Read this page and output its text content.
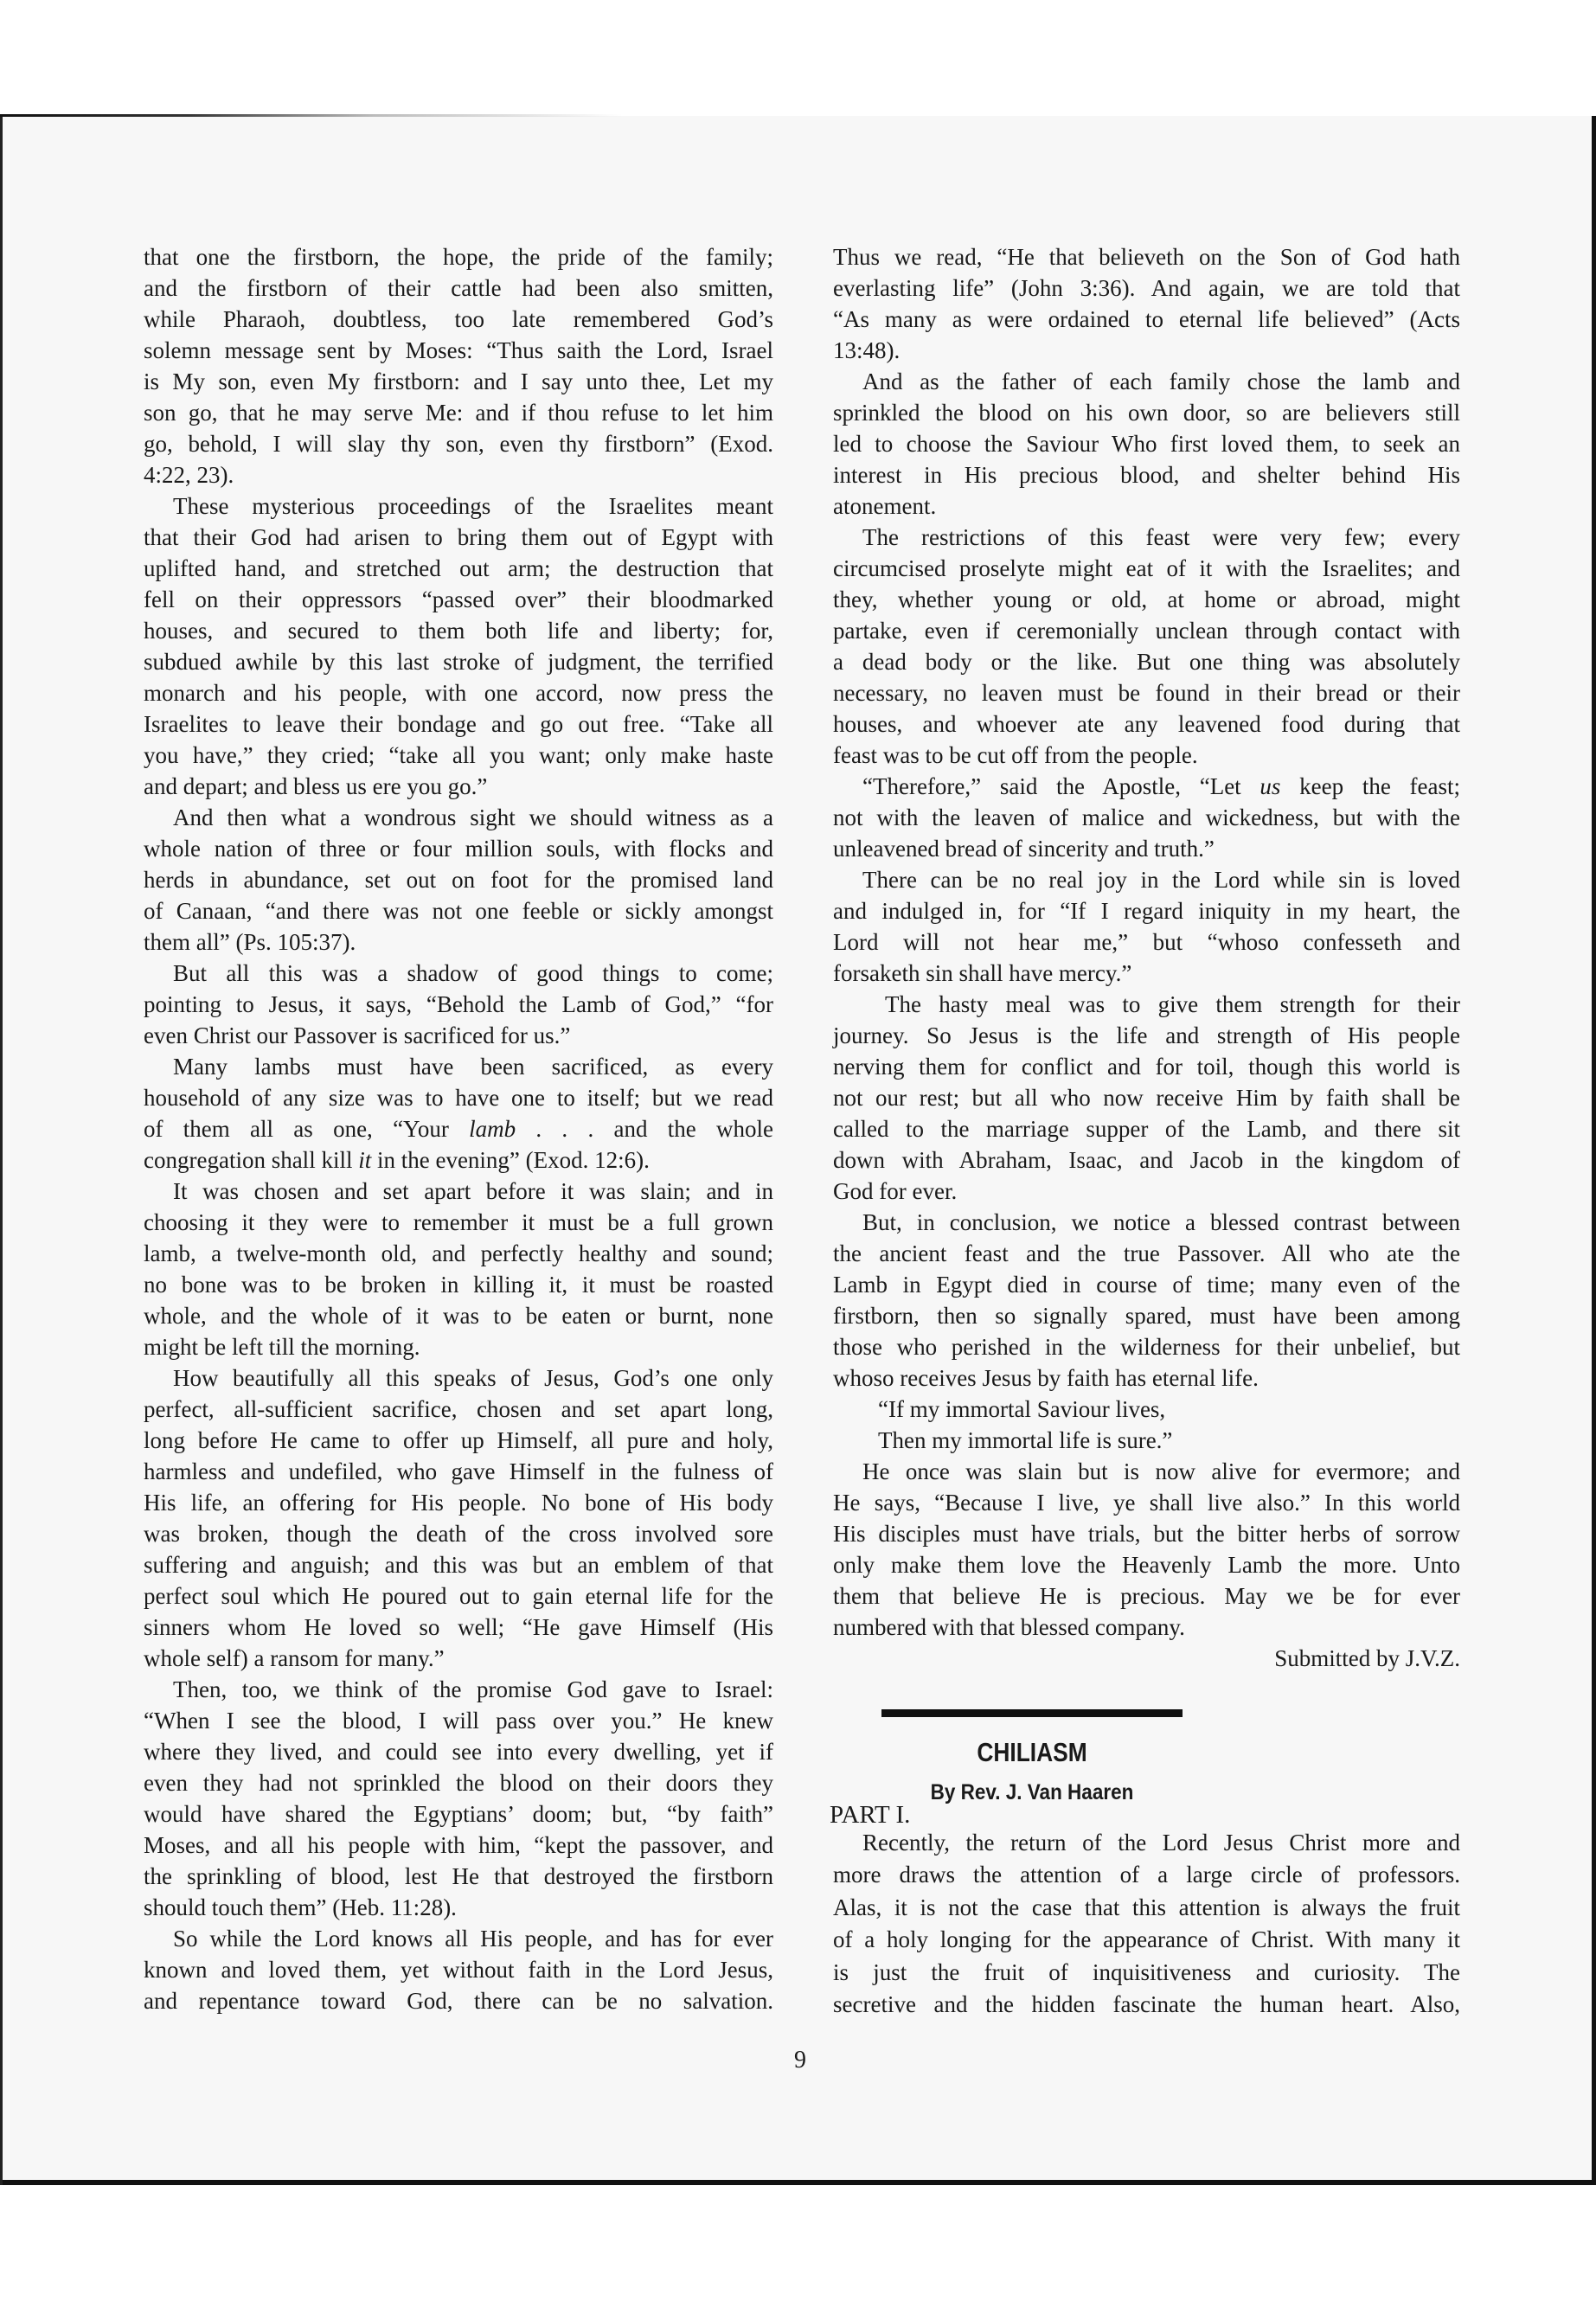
that one the firstborn, the hope, the pride of the family;
and the firstborn of their cattle had been also smitten,
while Pharaoh, doubtless, too late remembered God’s
solemn message sent by Moses: “Thus saith the Lord, Israel
is My son, even My firstborn: and I say unto thee, Let my
son go, that he may serve Me: and if thou refuse to let him
go, behold, I will slay thy son, even thy firstborn” (Exod.
4:22, 23).
These mysterious proceedings of the Israelites meant
that their God had arisen to bring them out of Egypt with
uplifted hand, and stretched out arm; the destruction that
fell on their oppressors “passed over” their bloodmarked
houses, and secured to them both life and liberty; for,
subdued awhile by this last stroke of judgment, the terrified
monarch and his people, with one accord, now press the
Israelites to leave their bondage and go out free. “Take all
you have,” they cried; “take all you want; only make haste
and depart; and bless us ere you go.”
And then what a wondrous sight we should witness as a
whole nation of three or four million souls, with flocks and
herds in abundance, set out on foot for the promised land
of Canaan, “and there was not one feeble or sickly amongst
them all” (Ps. 105:37).
But all this was a shadow of good things to come;
pointing to Jesus, it says, “Behold the Lamb of God,” “for
even Christ our Passover is sacrificed for us.”
Many lambs must have been sacrificed, as every
household of any size was to have one to itself; but we read
of them all as one, “Your lamb . . . and the whole
congregation shall kill it in the evening” (Exod. 12:6).
It was chosen and set apart before it was slain; and in
choosing it they were to remember it must be a full grown
lamb, a twelve-month old, and perfectly healthy and sound;
no bone was to be broken in killing it, it must be roasted
whole, and the whole of it was to be eaten or burnt, none
might be left till the morning.
How beautifully all this speaks of Jesus, God’s one only
perfect, all-sufficient sacrifice, chosen and set apart long,
long before He came to offer up Himself, all pure and holy,
harmless and undefiled, who gave Himself in the fulness of
His life, an offering for His people. No bone of His body
was broken, though the death of the cross involved sore
suffering and anguish; and this was but an emblem of that
perfect soul which He poured out to gain eternal life for the
sinners whom He loved so well; “He gave Himself (His
whole self) a ransom for many.”
Then, too, we think of the promise God gave to Israel:
“When I see the blood, I will pass over you.” He knew
where they lived, and could see into every dwelling, yet if
even they had not sprinkled the blood on their doors they
would have shared the Egyptians’ doom; but, “by faith”
Moses, and all his people with him, “kept the passover, and
the sprinkling of blood, lest He that destroyed the firstborn
should touch them” (Heb. 11:28).
So while the Lord knows all His people, and has for ever
known and loved them, yet without faith in the Lord Jesus,
and repentance toward God, there can be no salvation.
Thus we read, “He that believeth on the Son of God hath
everlasting life” (John 3:36). And again, we are told that
“As many as were ordained to eternal life believed” (Acts
13:48).
And as the father of each family chose the lamb and
sprinkled the blood on his own door, so are believers still
led to choose the Saviour Who first loved them, to seek an
interest in His precious blood, and shelter behind His
atonement.
The restrictions of this feast were very few; every
circumcised proselyte might eat of it with the Israelites; and
they, whether young or old, at home or abroad, might
partake, even if ceremonially unclean through contact with
a dead body or the like. But one thing was absolutely
necessary, no leaven must be found in their bread or their
houses, and whoever ate any leavened food during that
feast was to be cut off from the people.
“Therefore,” said the Apostle, “Let us keep the feast;
not with the leaven of malice and wickedness, but with the
unleavened bread of sincerity and truth.”
There can be no real joy in the Lord while sin is loved
and indulged in, for “If I regard iniquity in my heart, the
Lord will not hear me,” but “whoso confesseth and
forsaketh sin shall have mercy.”
The hasty meal was to give them strength for their
journey. So Jesus is the life and strength of His people
nerving them for conflict and for toil, though this world is
not our rest; but all who now receive Him by faith shall be
called to the marriage supper of the Lamb, and there sit
down with Abraham, Isaac, and Jacob in the kingdom of
God for ever.
But, in conclusion, we notice a blessed contrast between
the ancient feast and the true Passover. All who ate the
Lamb in Egypt died in course of time; many even of the
firstborn, then so signally spared, must have been among
those who perished in the wilderness for their unbelief, but
whoso receives Jesus by faith has eternal life.
“If my immortal Saviour lives,
Then my immortal life is sure.”
He once was slain but is now alive for evermore; and
He says, “Because I live, ye shall live also.” In this world
His disciples must have trials, but the bitter herbs of sorrow
only make them love the Heavenly Lamb the more. Unto
them that believe He is precious. May we be for ever
numbered with that blessed company.
Submitted by J.V.Z.
CHILIASM
By Rev. J. Van Haaren
PART I.
Recently, the return of the Lord Jesus Christ more and
more draws the attention of a large circle of professors.
Alas, it is not the case that this attention is always the fruit
of a holy longing for the appearance of Christ. With many it
is just the fruit of inquisitiveness and curiosity. The
secretive and the hidden fascinate the human heart. Also,
9
